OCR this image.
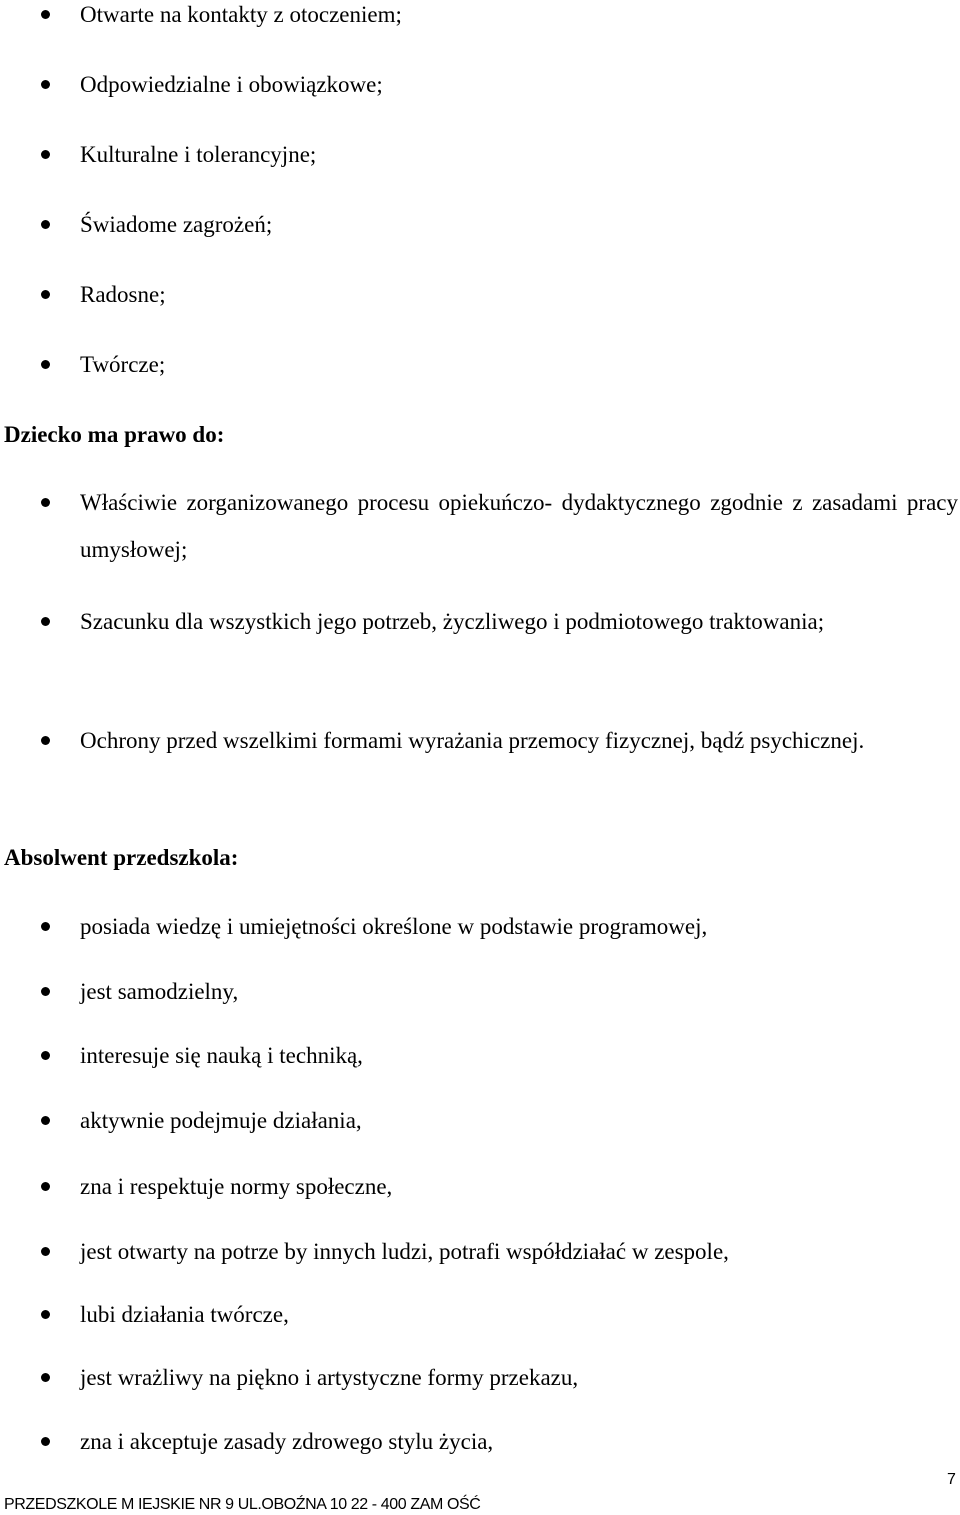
Otwarte na kontakty z otoczeniem;

Odpowiedzialne i obowiązkowe;

Kulturalne i tolerancyjne;

Świadome zagrożeń;

Radosne;

Twórcze;

Dziecko ma prawo do:

Właściwie zorganizowanego procesu opiekuńczo- dydaktycznego zgodnie z zasadami pracy umysłowej;

Szacunku dla wszystkich jego potrzeb, życzliwego i podmiotowego traktowania;

Ochrony przed wszelkimi formami wyrażania przemocy fizycznej, bądź psychicznej.

Absolwent przedszkola:

posiada wiedzę i umiejętności określone w podstawie programowej,

jest samodzielny,

interesuje się nauką i techniką,

aktywnie podejmuje działania,

zna i respektuje normy społeczne,

jest otwarty na potrze by innych ludzi, potrafi współdziałać w zespole,

lubi działania twórcze,

jest wrażliwy na piękno i artystyczne formy przekazu,

zna i akceptuje zasady zdrowego stylu życia,

7
PRZEDSZKOLE M IEJSKIE NR 9 UL.OBOŹNA 10 22 - 400 ZAM OŚĆ
